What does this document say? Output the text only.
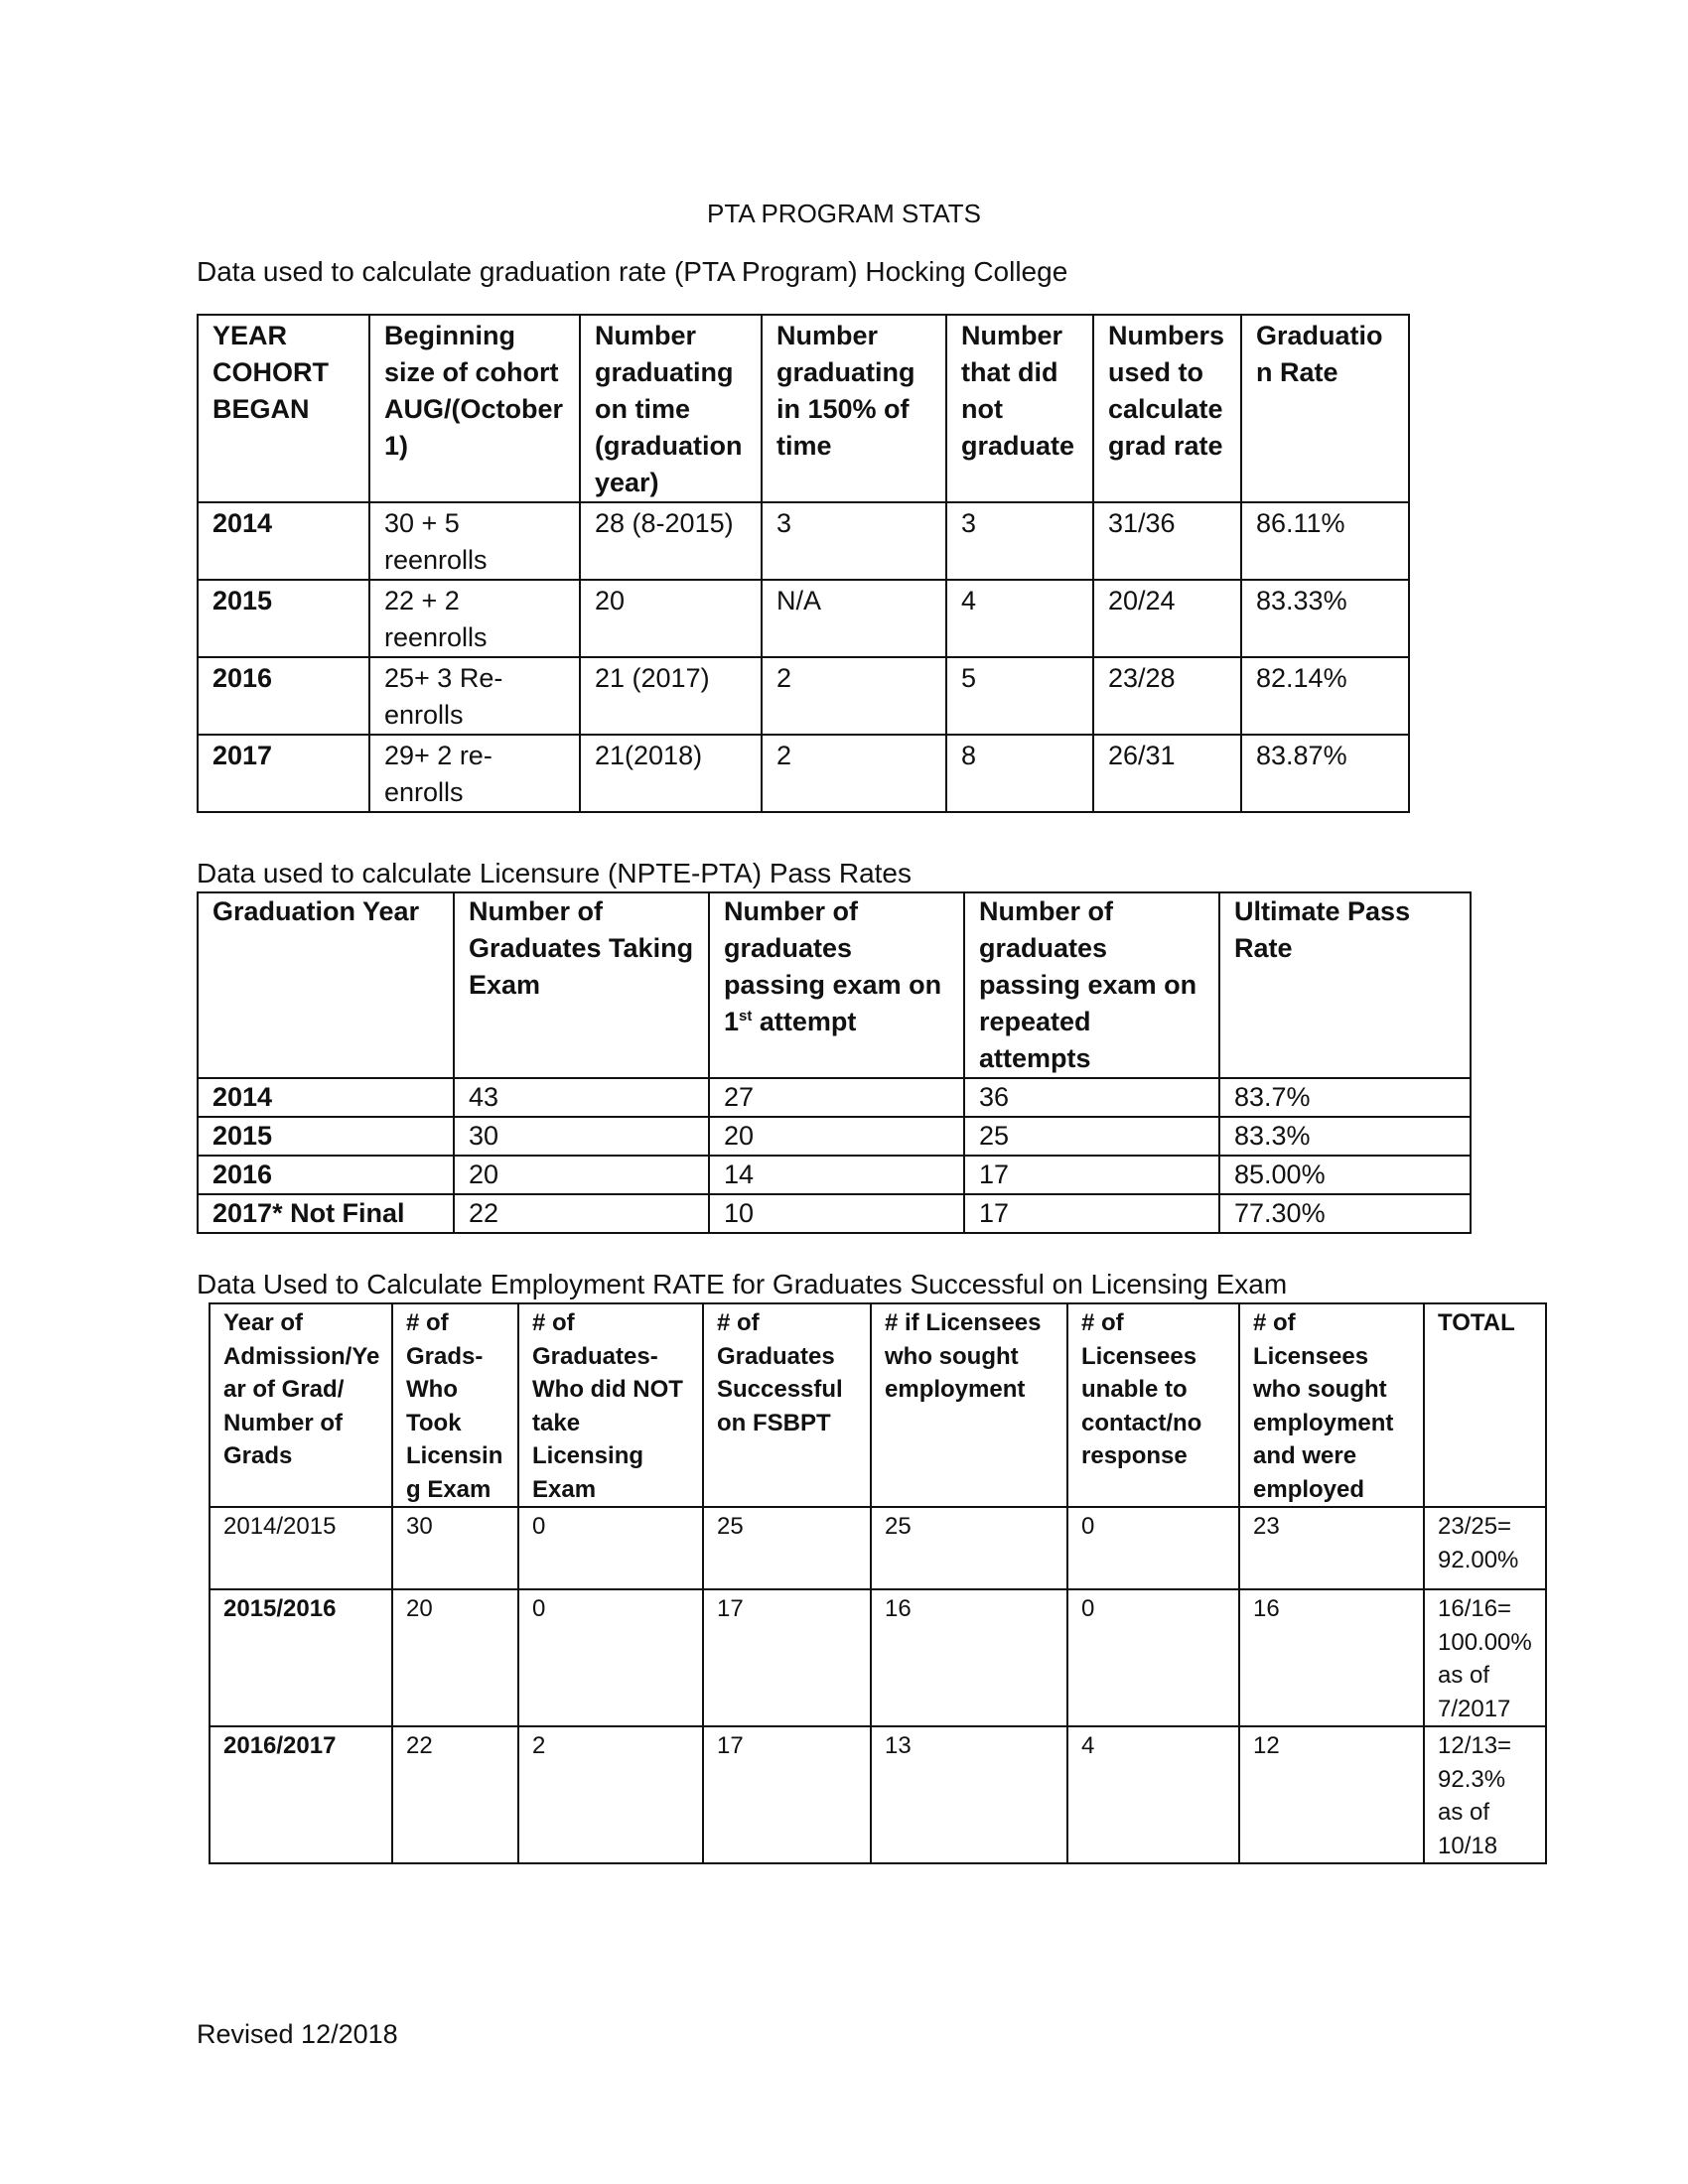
PTA PROGRAM STATS
Data used to calculate graduation rate (PTA Program) Hocking College
YEAR COHORT BEGAN	Beginning size of cohort AUG/(October 1)	Number graduating on time (graduation year)	Number graduating in 150% of time	Number that did not graduate	Numbers used to calculate grad rate	Graduation Rate
2014	30 + 5 reenrolls	28 (8-2015)	3	3	31/36	86.11%
2015	22 + 2 reenrolls	20	N/A	4	20/24	83.33%
2016	25+ 3 Re-enrolls	21 (2017)	2	5	23/28	82.14%
2017	29+ 2 re-enrolls	21(2018)	2	8	26/31	83.87%
Data used to calculate Licensure (NPTE-PTA) Pass Rates
Graduation Year	Number of Graduates Taking Exam	Number of graduates passing exam on 1st attempt	Number of graduates passing exam on repeated attempts	Ultimate Pass Rate
2014	43	27	36	83.7%
2015	30	20	25	83.3%
2016	20	14	17	85.00%
2017* Not Final	22	10	17	77.30%
Data Used to Calculate Employment RATE for Graduates Successful on Licensing Exam
Year of Admission/Year of Grad/ Number of Grads	# of Grads-Who Took Licensing Exam	# of Graduates-Who did NOT take Licensing Exam	# of Graduates Successful on FSBPT	# if Licensees who sought employment	# of Licensees unable to contact/no response	# of Licensees who sought employment and were employed	TOTAL
2014/2015	30	0	25	25	0	23	23/25= 92.00%
2015/2016	20	0	17	16	0	16	16/16= 100.00% as of 7/2017
2016/2017	22	2	17	13	4	12	12/13= 92.3% as of 10/18
Revised 12/2018
